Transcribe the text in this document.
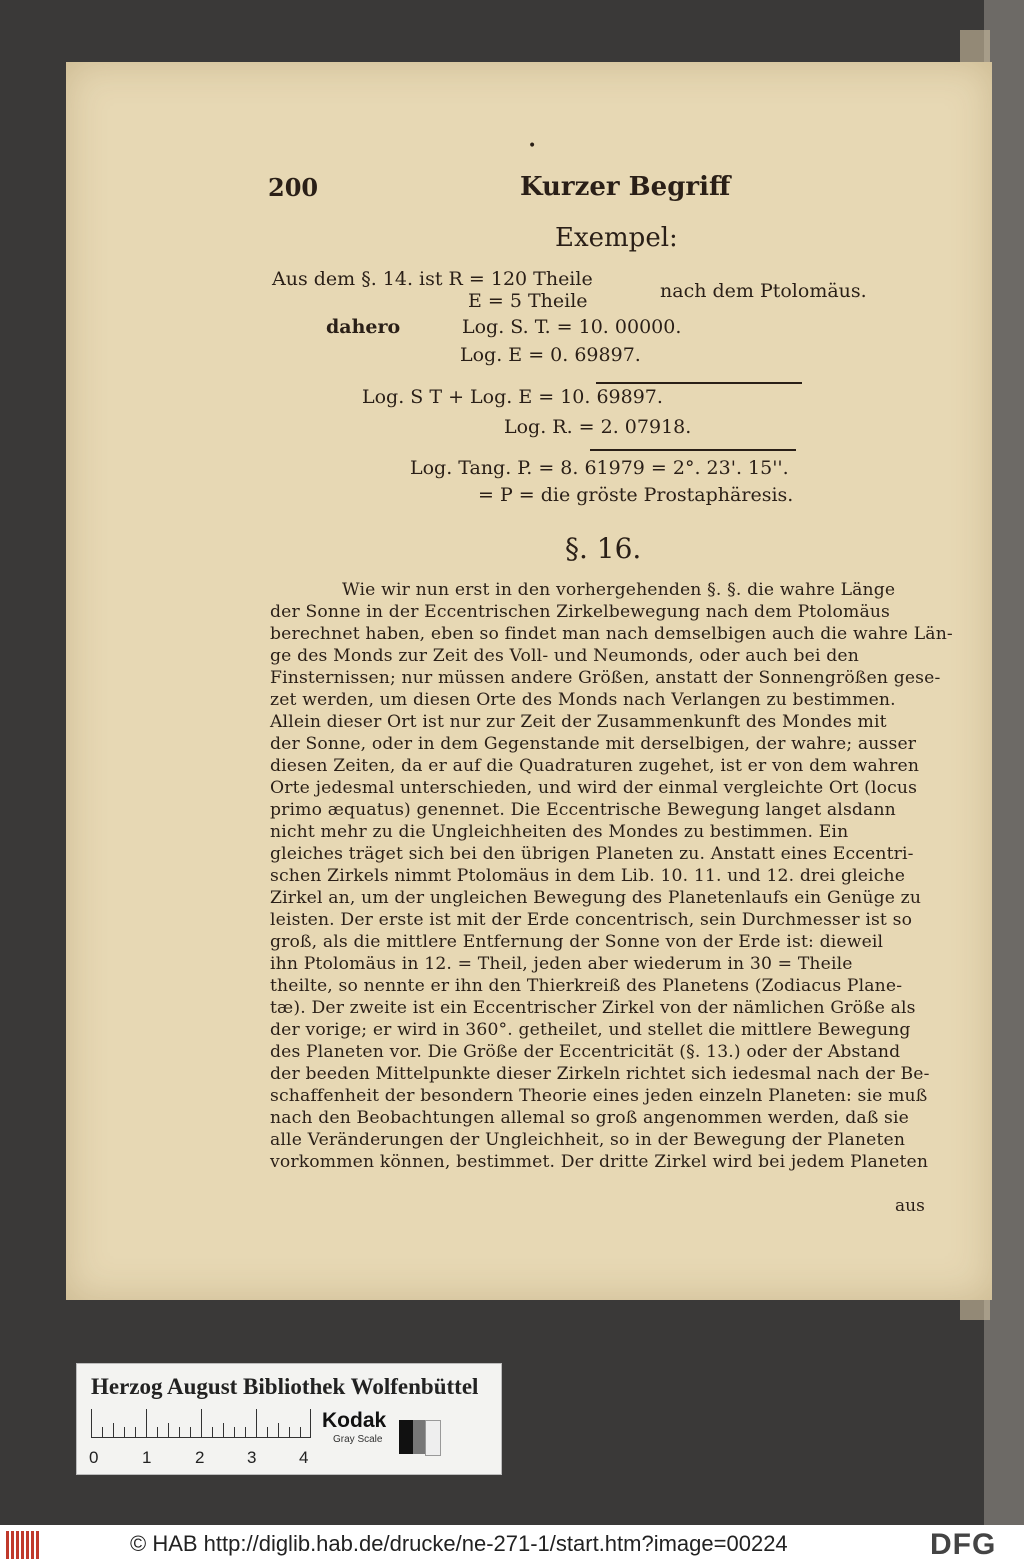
•
200	Kurzer Begriff
Exempel:
Aus dem §. 14. ist R = 120 Theile
E = 5 Theile	nach dem Ptolomäus.
dahero	Log. S. T. = 10. 00000.
Log. E = 0. 69897.
Log. S T + Log. E = 10. 69897.
Log. R. = 2. 07918.
Log. Tang. P. = 8. 61979 = 2°. 23'. 15''.
= P = die gröste Prostaphäresis.
§. 16.
Wie wir nun erst in den vorhergehenden §. §. die wahre Länge
der Sonne in der Eccentrischen Zirkelbewegung nach dem Ptolomäus
berechnet haben, eben so findet man nach demselbigen auch die wahre Län-
ge des Monds zur Zeit des Voll- und Neumonds, oder auch bei den
Finsternissen; nur müssen andere Größen, anstatt der Sonnengrößen gese-
zet werden, um diesen Orte des Monds nach Verlangen zu bestimmen.
Allein dieser Ort ist nur zur Zeit der Zusammenkunft des Mondes mit
der Sonne, oder in dem Gegenstande mit derselbigen, der wahre; ausser
diesen Zeiten, da er auf die Quadraturen zugehet, ist er von dem wahren
Orte jedesmal unterschieden, und wird der einmal vergleichte Ort (locus
primo æquatus) genennet. Die Eccentrische Bewegung langet alsdann
nicht mehr zu die Ungleichheiten des Mondes zu bestimmen. Ein
gleiches träget sich bei den übrigen Planeten zu. Anstatt eines Eccentri-
schen Zirkels nimmt Ptolomäus in dem Lib. 10. 11. und 12. drei gleiche
Zirkel an, um der ungleichen Bewegung des Planetenlaufs ein Genüge zu
leisten. Der erste ist mit der Erde concentrisch, sein Durchmesser ist so
groß, als die mittlere Entfernung der Sonne von der Erde ist: dieweil
ihn Ptolomäus in 12. = Theil, jeden aber wiederum in 30 = Theile
theilte, so nennte er ihn den Thierkreiß des Planetens (Zodiacus Plane-
tæ). Der zweite ist ein Eccentrischer Zirkel von der nämlichen Größe als
der vorige; er wird in 360°. getheilet, und stellet die mittlere Bewegung
des Planeten vor. Die Größe der Eccentricität (§. 13.) oder der Abstand
der beeden Mittelpunkte dieser Zirkeln richtet sich iedesmal nach der Be-
schaffenheit der besondern Theorie eines jeden einzeln Planeten: sie muß
nach den Beobachtungen allemal so groß angenommen werden, daß sie
alle Veränderungen der Ungleichheit, so in der Bewegung der Planeten
vorkommen können, bestimmet. Der dritte Zirkel wird bei jedem Planeten
aus
Herzog August Bibliothek Wolfenbüttel
0	1	2	3	4
Kodak
Gray Scale
© HAB http://diglib.hab.de/drucke/ne-271-1/start.htm?image=00224	DFG
